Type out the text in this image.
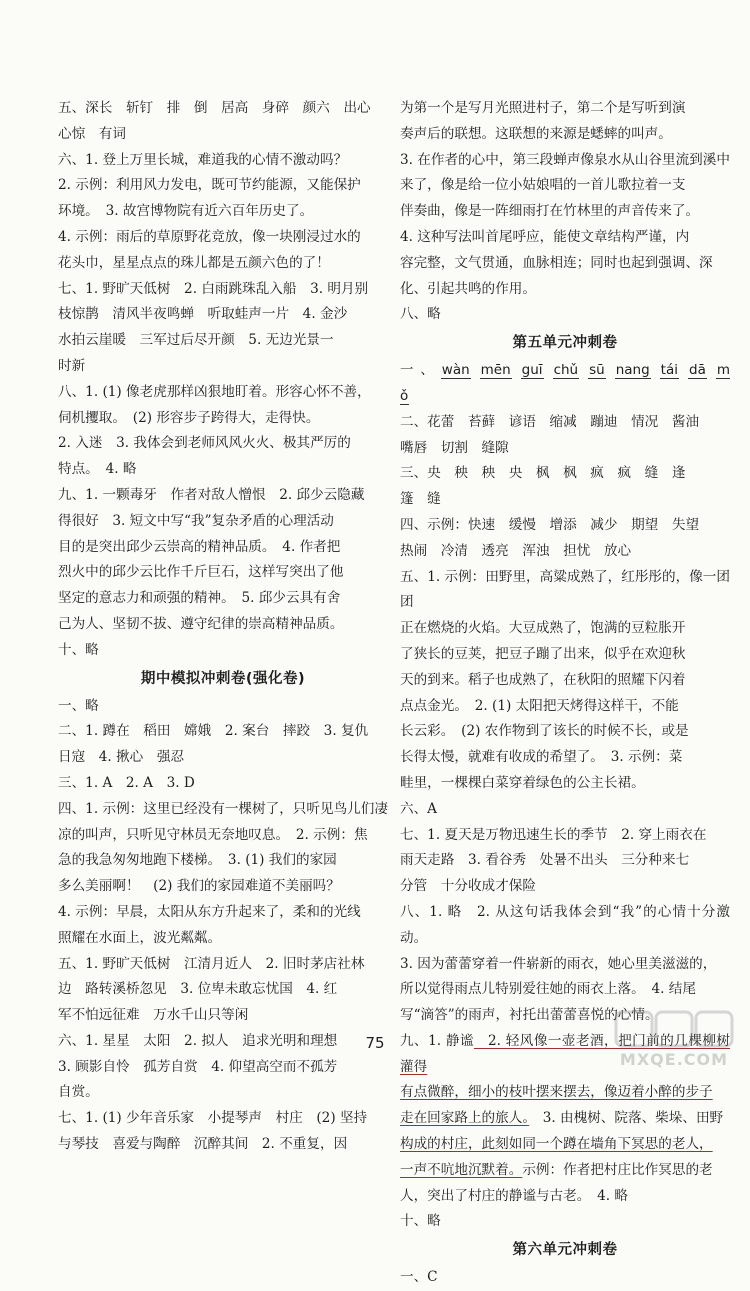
五、深长　斩钉　排　倒　居高　身碎　颜六　出心
心惊　有词
六、1. 登上万里长城，难道我的心情不激动吗？
2. 示例：利用风力发电，既可节约能源，又能保护
环境。　3. 故宫博物院有近六百年历史了。
4. 示例：雨后的草原野花竞放，像一块刚浸过水的
花头巾，星星点点的珠儿都是五颜六色的了！
七、1. 野旷天低树　2. 白雨跳珠乱入船　3. 明月别
枝惊鹊　清风半夜鸣蝉　听取蛙声一片　4. 金沙
水拍云崖暖　三军过后尽开颜　5. 无边光景一
时新
八、1. (1) 像老虎那样凶狠地盯着。形容心怀不善，
伺机攫取。　(2) 形容步子跨得大，走得快。
2. 入迷　3. 我体会到老师风风火火、极其严厉的
特点。　4. 略
九、1. 一颗毒牙　作者对敌人憎恨　2. 邱少云隐藏
得很好　3. 短文中写“我”复杂矛盾的心理活动
目的是突出邱少云崇高的精神品质。　4. 作者把
烈火中的邱少云比作千斤巨石，这样写突出了他
坚定的意志力和顽强的精神。　5. 邱少云具有舍
己为人、坚韧不拔、遵守纪律的崇高精神品质。
十、略
期中模拟冲刺卷(强化卷)
一、略
二、1. 蹲在　稻田　嫦娥　2. 案台　摔跤　3. 复仇
日寇　4. 揪心　强忍
三、1. A　2. A　3. D
四、1. 示例：这里已经没有一棵树了，只听见鸟儿们凄
凉的叫声，只听见守林员无奈地叹息。　2. 示例：焦
急的我急匆匆地跑下楼梯。　3. (1) 我们的家园
多么美丽啊！　(2) 我们的家园难道不美丽吗？
4. 示例：早晨，太阳从东方升起来了，柔和的光线
照耀在水面上，波光粼粼。
五、1. 野旷天低树　江清月近人　2. 旧时茅店社林
边　路转溪桥忽见　3. 位卑未敢忘忧国　4. 红
军不怕远征难　万水千山只等闲
六、1. 星星　太阳　2. 拟人　追求光明和理想
3. 顾影自怜　孤芳自赏　4. 仰望高空而不孤芳
自赏。
七、1. (1) 少年音乐家　小提琴声　村庄　(2) 坚持
与琴技　喜爱与陶醉　沉醉其间　2. 不重复，因
为第一个是写月光照进村子，第二个是写听到演
奏声后的联想。这联想的来源是蟋蟀的叫声。
3. 在作者的心中，第三段蝉声像泉水从山谷里流到溪中
来了，像是给一位小姑娘唱的一首儿歌拉着一支
伴奏曲，像是一阵细雨打在竹林里的声音传来了。
4. 这种写法叫首尾呼应，能使文章结构严谨，内
容完整，文气贯通，血脉相连；同时也起到强调、深
化、引起共鸣的作用。
八、略
第五单元冲刺卷
一、wàn mēn guī chǔ sū nang tái dā mǒ
二、花蕾　苔藓　谚语　缩减　蹦迪　情况　酱油
嘴唇　切割　缝隙
三、央　秧　秧　央　枫　枫　疯　疯　缝　逢
篷　缝
四、示例：快速　缓慢　增添　减少　期望　失望
热闹　冷清　透亮　浑浊　担忧　放心
五、1. 示例：田野里，高粱成熟了，红彤彤的，像一团团
正在燃烧的火焰。大豆成熟了，饱满的豆粒胀开
了狭长的豆荚，把豆子蹦了出来，似乎在欢迎秋
天的到来。稻子也成熟了，在秋阳的照耀下闪着
点点金光。　2. (1) 太阳把天烤得这样干，不能
长云彩。　(2) 农作物到了该长的时候不长，或是
长得太慢，就难有收成的希望了。　3. 示例：菜
畦里，一棵棵白菜穿着绿色的公主长裙。
六、A
七、1. 夏天是万物迅速生长的季节　2. 穿上雨衣在
雨天走路　3. 看谷秀　处暑不出头　三分种来七
分管　十分收成才保险
八、1. 略　2. 从这句话我体会到“我”的心情十分激动。
3. 因为蕾蕾穿着一件崭新的雨衣，她心里美滋滋的，
所以觉得雨点儿特别爱往她的雨衣上落。　4. 结尾
写“滴答”的雨声，衬托出蕾蕾喜悦的心情。
九、1. 静谧　2. 轻风像一壶老酒，把门前的几棵柳树灌得
有点微醉，细小的枝叶摆来摆去，像迈着小醉的步子
走在回家路上的旅人。　3. 由槐树、院落、柴垛、田野
构成的村庄，此刻如同一个蹲在墙角下冥思的老人，
一声不吭地沉默着。示例：作者把村庄比作冥思的老
人，突出了村庄的静谧与古老。　4. 略
十、略
第六单元冲刺卷
一、C
75
MXQE.COM
